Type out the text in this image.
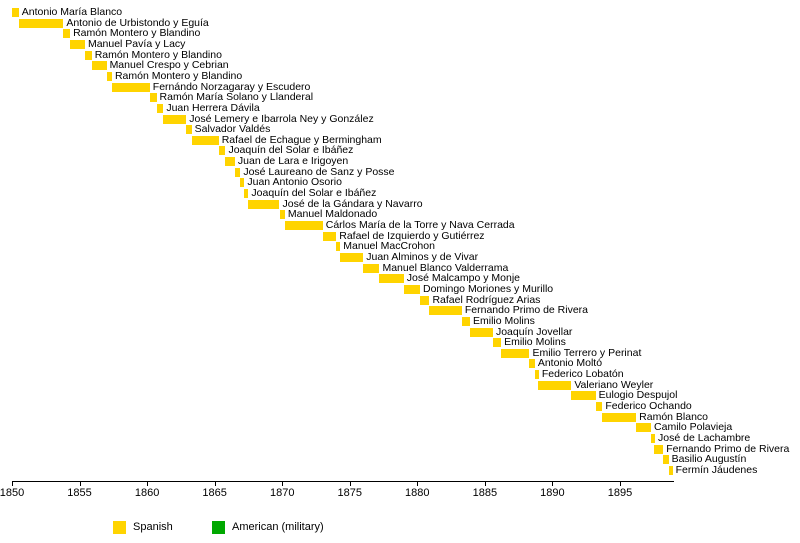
Antonio María Blanco
Antonio de Urbistondo y Eguía
Ramón Montero y Blandino
Manuel Pavía y Lacy
Ramón Montero y Blandino
Manuel Crespo y Cebrian
Ramón Montero y Blandino
Fernándo Norzagaray y Escudero
Ramón María Solano y Llanderal
Juan Herrera Dávila
José Lemery e Ibarrola Ney y González
Salvador Valdés
Rafael de Echague y Bermingham
Joaquín del Solar e Ibáñez
Juan de Lara e Irigoyen
José Laureano de Sanz y Posse
Juan Antonio Osorio
Joaquín del Solar e Ibáñez
José de la Gándara y Navarro
Manuel Maldonado
Cárlos María de la Torre y Nava Cerrada
Rafael de Izquierdo y Gutiérrez
Manuel MacCrohon
Juan Alminos y de Vivar
Manuel Blanco Valderrama
José Malcampo y Monje
Domingo Moriones y Murillo
Rafael Rodríguez Arias
Fernando Primo de Rivera
Emilio Molins
Joaquín Jovellar
Emilio Molins
Emilio Terrero y Perinat
Antonio Moltó
Federico Lobatón
Valeriano Weyler
Eulogio Despujol
Federico Ochando
Ramón Blanco
Camilo Polavieja
José de Lachambre
Fernando Primo de Rivera
Basilio Augustín
Fermín Jáudenes
1850	1855	1860	1865	1870	1875	1880	1885	1890	1895
Spanish	American (military)
